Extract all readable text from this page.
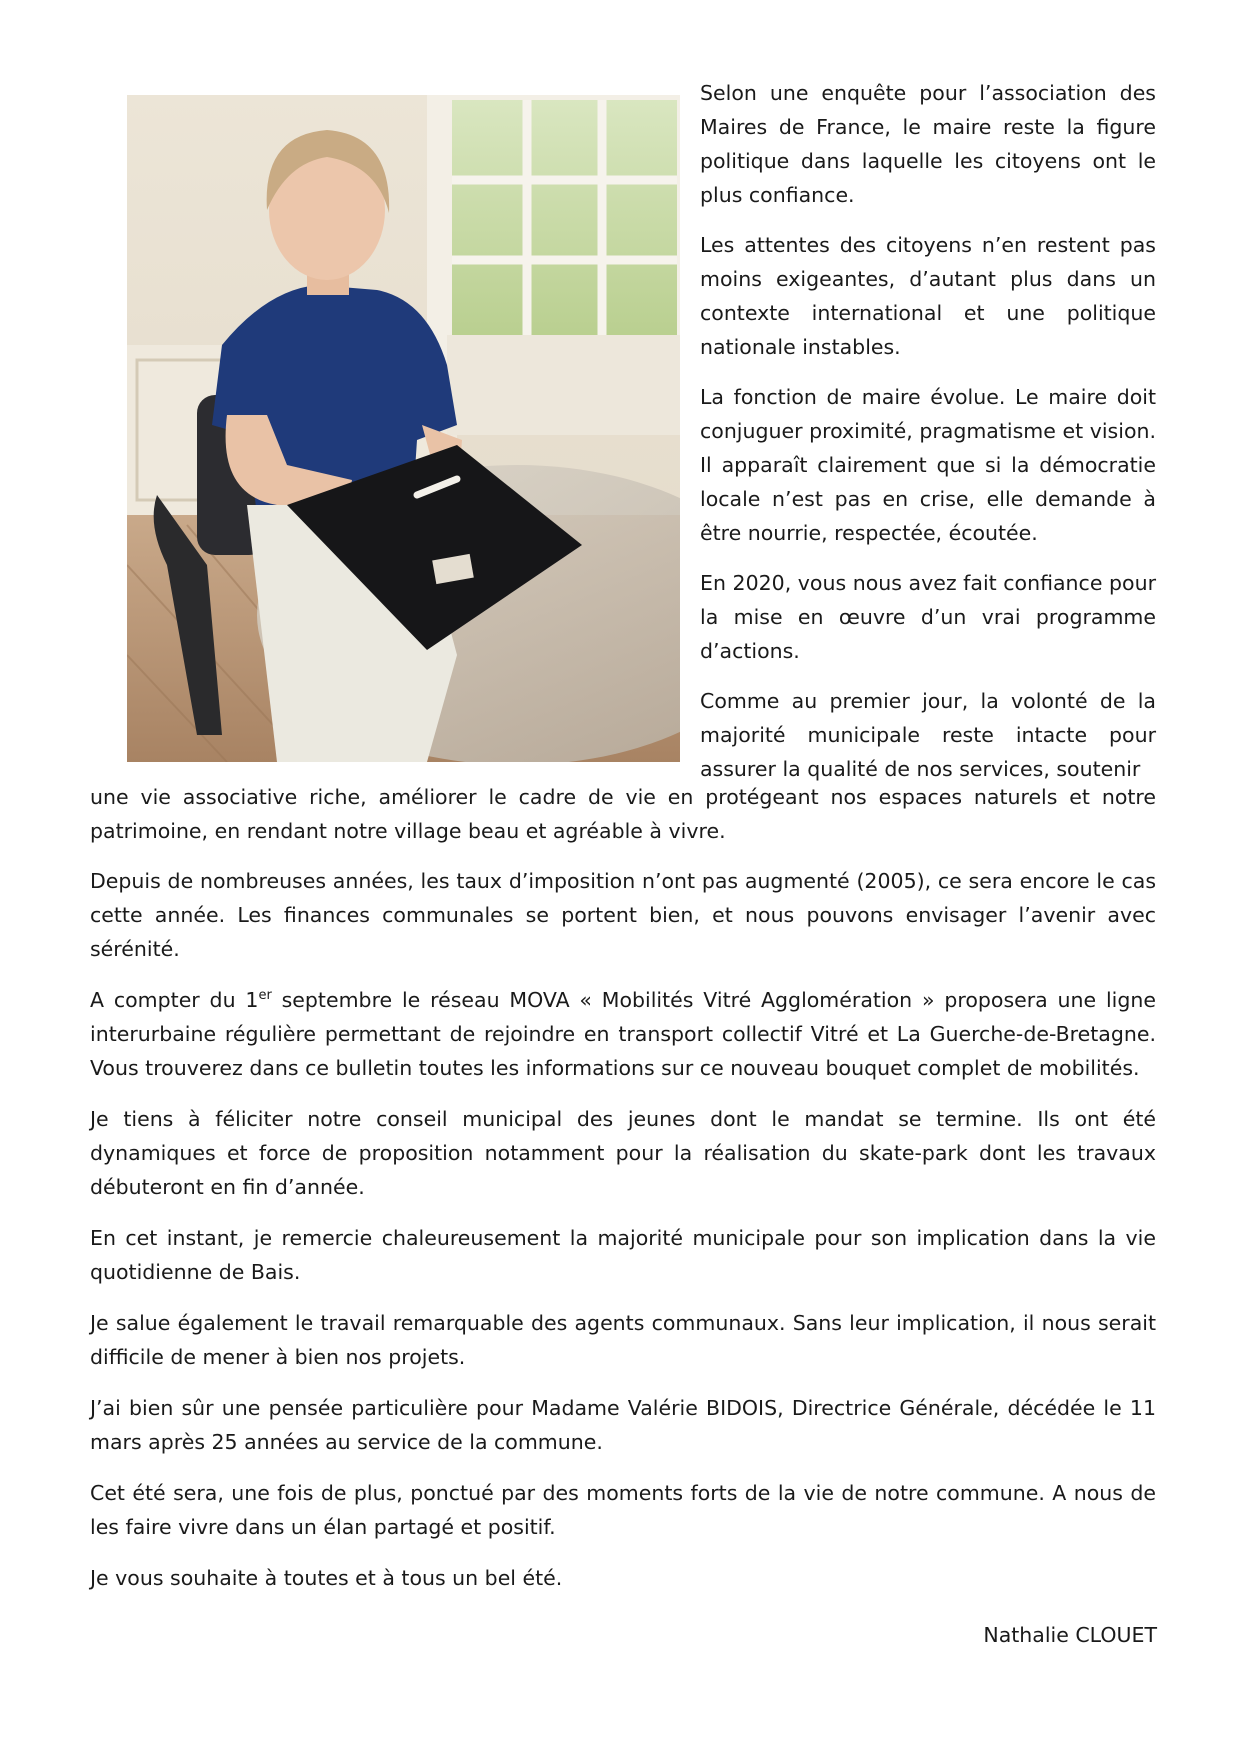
Selon une enquête pour l’association des Maires de France, le maire reste la figure politique dans laquelle les citoyens ont le plus confiance.

Les attentes des citoyens n’en restent pas moins exigeantes, d’autant plus dans un contexte international et une politique nationale instables.

La fonction de maire évolue. Le maire doit conjuguer proximité, pragmatisme et vision. Il apparaît clairement que si la démocratie locale n’est pas en crise, elle demande à être nourrie, respectée, écoutée.

En 2020, vous nous avez fait confiance pour la mise en œuvre d’un vrai programme d’actions.

Comme au premier jour, la volonté de la majorité municipale reste intacte pour assurer la qualité de nos services, soutenir

une vie associative riche, améliorer le cadre de vie en protégeant nos espaces naturels et notre patrimoine, en rendant notre village beau et agréable à vivre.

Depuis de nombreuses années, les taux d’imposition n’ont pas augmenté (2005), ce sera encore le cas cette année. Les finances communales se portent bien, et nous pouvons envisager l’avenir avec sérénité.

A compter du 1er septembre le réseau MOVA « Mobilités Vitré Agglomération » proposera une ligne interurbaine régulière permettant de rejoindre en transport collectif Vitré et La Guerche-de-Bretagne. Vous trouverez dans ce bulletin toutes les informations sur ce nouveau bouquet complet de mobilités.

Je tiens à féliciter notre conseil municipal des jeunes dont le mandat se termine. Ils ont été dynamiques et force de proposition notamment pour la réalisation du skate-park dont les travaux débuteront en fin d’année.

En cet instant, je remercie chaleureusement la majorité municipale pour son implication dans la vie quotidienne de Bais.

Je salue également le travail remarquable des agents communaux. Sans leur implication, il nous serait difficile de mener à bien nos projets.

J’ai bien sûr une pensée particulière pour Madame Valérie BIDOIS, Directrice Générale, décédée le 11 mars après 25 années au service de la commune.

Cet été sera, une fois de plus, ponctué par des moments forts de la vie de notre commune. A nous de les faire vivre dans un élan partagé et positif.

Je vous souhaite à toutes et à tous un bel été.

Nathalie CLOUET
